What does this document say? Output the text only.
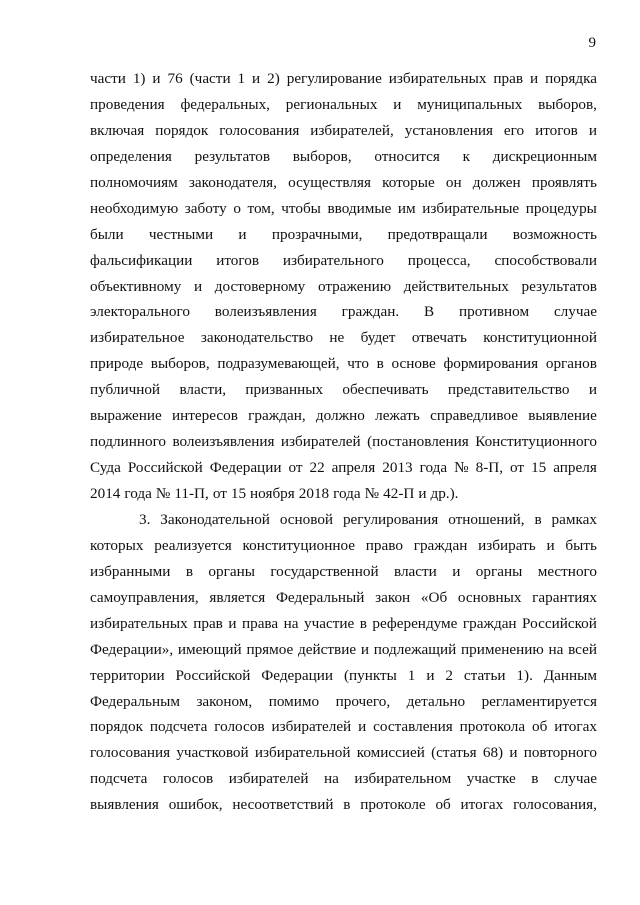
9
части 1) и 76 (части 1 и 2) регулирование избирательных прав и порядка
проведения федеральных, региональных и муниципальных выборов,
включая порядок голосования избирателей, установления его итогов и
определения результатов выборов, относится к дискреционным
полномочиям законодателя, осуществляя которые он должен проявлять
необходимую заботу о том, чтобы вводимые им избирательные процедуры
были честными и прозрачными, предотвращали возможность
фальсификации итогов избирательного процесса, способствовали
объективному и достоверному отражению действительных результатов
электорального волеизъявления граждан. В противном случае
избирательное законодательство не будет отвечать конституционной
природе выборов, подразумевающей, что в основе формирования органов
публичной власти, призванных обеспечивать представительство и
выражение интересов граждан, должно лежать справедливое выявление
подлинного волеизъявления избирателей (постановления Конституционного
Суда Российской Федерации от 22 апреля 2013 года № 8-П, от 15 апреля
2014 года № 11-П, от 15 ноября 2018 года № 42-П и др.).
3. Законодательной основой регулирования отношений, в рамках
которых реализуется конституционное право граждан избирать и быть
избранными в органы государственной власти и органы местного
самоуправления, является Федеральный закон «Об основных гарантиях
избирательных прав и права на участие в референдуме граждан Российской
Федерации», имеющий прямое действие и подлежащий применению на всей
территории Российской Федерации (пункты 1 и 2 статьи 1). Данным
Федеральным законом, помимо прочего, детально регламентируется
порядок подсчета голосов избирателей и составления протокола об итогах
голосования участковой избирательной комиссией (статья 68) и повторного
подсчета голосов избирателей на избирательном участке в случае
выявления ошибок, несоответствий в протоколе об итогах голосования,
